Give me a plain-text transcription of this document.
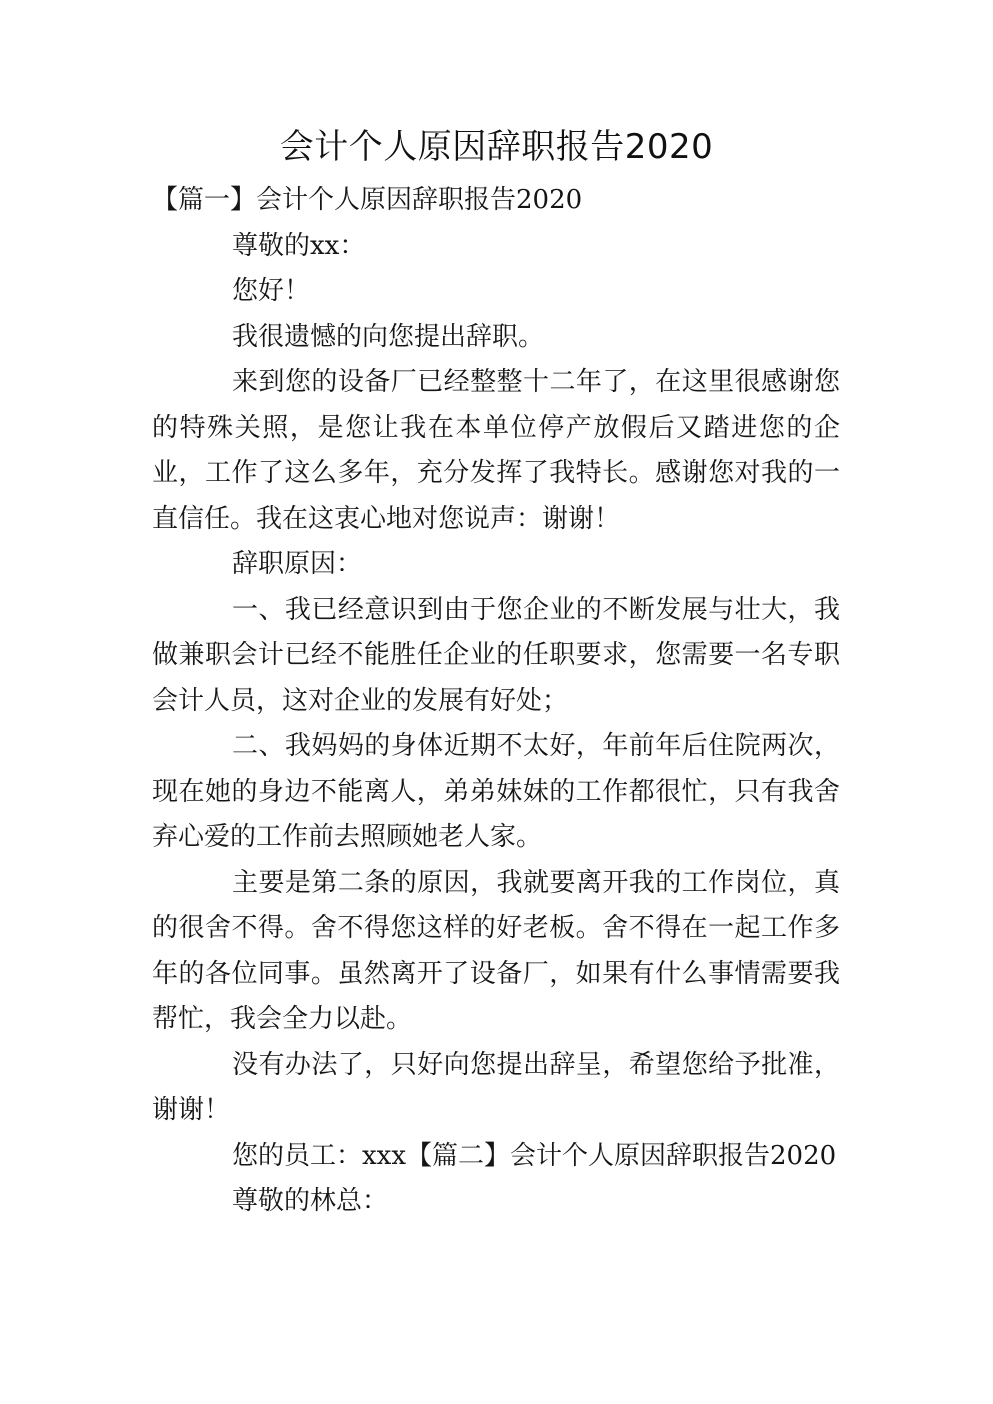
会计个人原因辞职报告2020

【篇一】会计个人原因辞职报告2020

尊敬的xx：

您好！

我很遗憾的向您提出辞职。

来到您的设备厂已经整整十二年了，在这里很感谢您的特殊关照，是您让我在本单位停产放假后又踏进您的企业，工作了这么多年，充分发挥了我特长。感谢您对我的一直信任。我在这衷心地对您说声：谢谢！

辞职原因：

一、我已经意识到由于您企业的不断发展与壮大，我做兼职会计已经不能胜任企业的任职要求，您需要一名专职会计人员，这对企业的发展有好处；

二、我妈妈的身体近期不太好，年前年后住院两次，现在她的身边不能离人，弟弟妹妹的工作都很忙，只有我舍弃心爱的工作前去照顾她老人家。

主要是第二条的原因，我就要离开我的工作岗位，真的很舍不得。舍不得您这样的好老板。舍不得在一起工作多年的各位同事。虽然离开了设备厂，如果有什么事情需要我帮忙，我会全力以赴。

没有办法了，只好向您提出辞呈，希望您给予批准，谢谢！

您的员工：xxx【篇二】会计个人原因辞职报告2020

尊敬的林总：
